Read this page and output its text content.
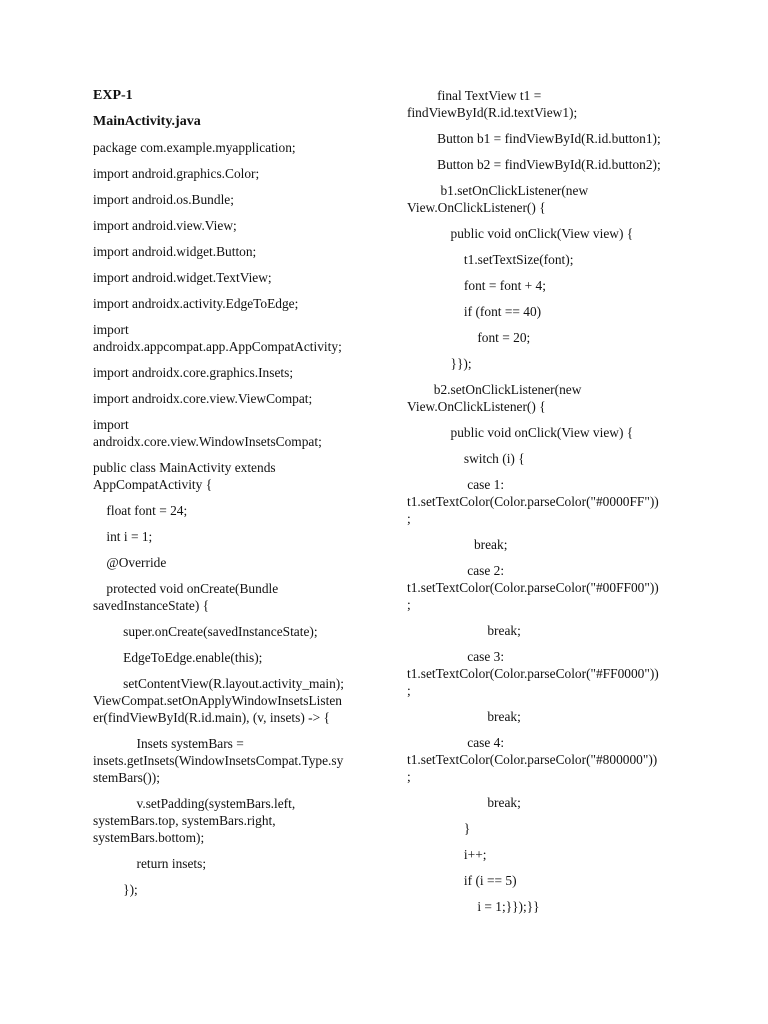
EXP-1
MainActivity.java
package com.example.myapplication;
import android.graphics.Color;
import android.os.Bundle;
import android.view.View;
import android.widget.Button;
import android.widget.TextView;
import androidx.activity.EdgeToEdge;
import
androidx.appcompat.app.AppCompatActivity;
import androidx.core.graphics.Insets;
import androidx.core.view.ViewCompat;
import
androidx.core.view.WindowInsetsCompat;
public class MainActivity extends
AppCompatActivity {
float font = 24;
int i = 1;
@Override
protected void onCreate(Bundle
savedInstanceState) {
super.onCreate(savedInstanceState);
EdgeToEdge.enable(this);
setContentView(R.layout.activity_main);
ViewCompat.setOnApplyWindowInsetsListen
er(findViewById(R.id.main), (v, insets) -> {
Insets systemBars =
insets.getInsets(WindowInsetsCompat.Type.sy
stemBars());
v.setPadding(systemBars.left,
systemBars.top, systemBars.right,
systemBars.bottom);
return insets;
});
final TextView t1 =
findViewById(R.id.textView1);
Button b1 = findViewById(R.id.button1);
Button b2 = findViewById(R.id.button2);
b1.setOnClickListener(new
View.OnClickListener() {
public void onClick(View view) {
t1.setTextSize(font);
font = font + 4;
if (font == 40)
font = 20;
}});
b2.setOnClickListener(new
View.OnClickListener() {
public void onClick(View view) {
switch (i) {
case 1:
t1.setTextColor(Color.parseColor("#0000FF"))
;
break;
case 2:
t1.setTextColor(Color.parseColor("#00FF00"))
;
break;
case 3:
t1.setTextColor(Color.parseColor("#FF0000"))
;
break;
case 4:
t1.setTextColor(Color.parseColor("#800000"))
;
break;
}
i++;
if (i == 5)
i = 1;}});}}
